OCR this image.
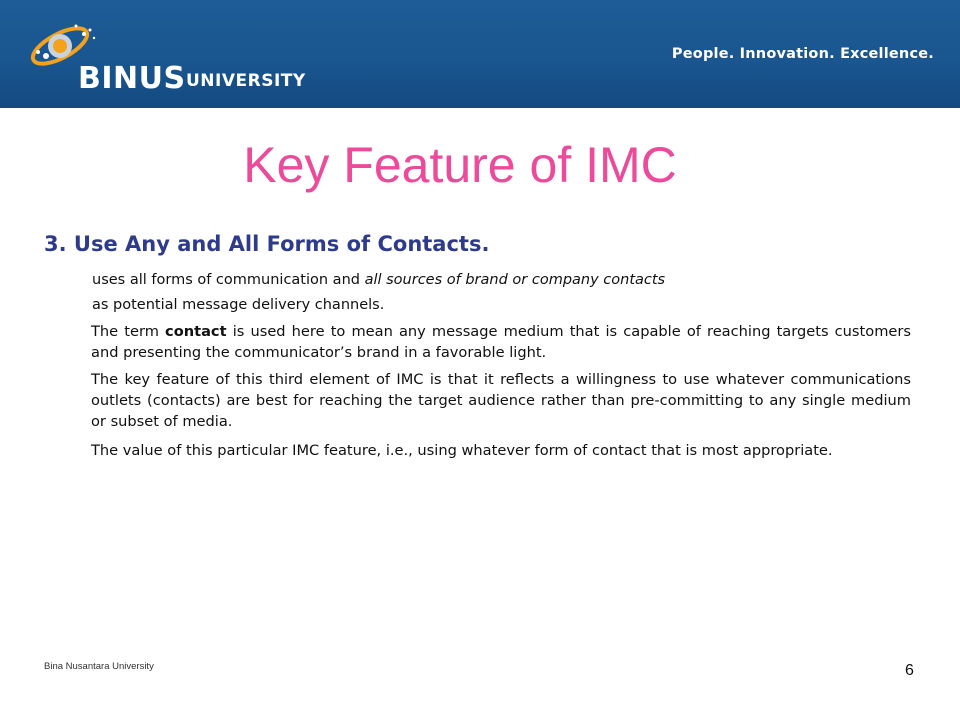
BINUS UNIVERSITY
People. Innovation. Excellence.
Key Feature of IMC
3. Use Any and All Forms of Contacts.
uses all forms of communication and all sources of brand or company contacts
as potential message delivery channels.
The term contact is used here to mean any message medium that is capable of reaching targets customers and presenting the communicator’s brand in a favorable light.
The key feature of this third element of IMC is that it reflects a willingness to use whatever communications outlets (contacts) are best for reaching the target audience rather than pre-committing to any single medium or subset of media.
The value of this particular IMC feature, i.e., using whatever form of contact that is most appropriate.
Bina Nusantara University	6
